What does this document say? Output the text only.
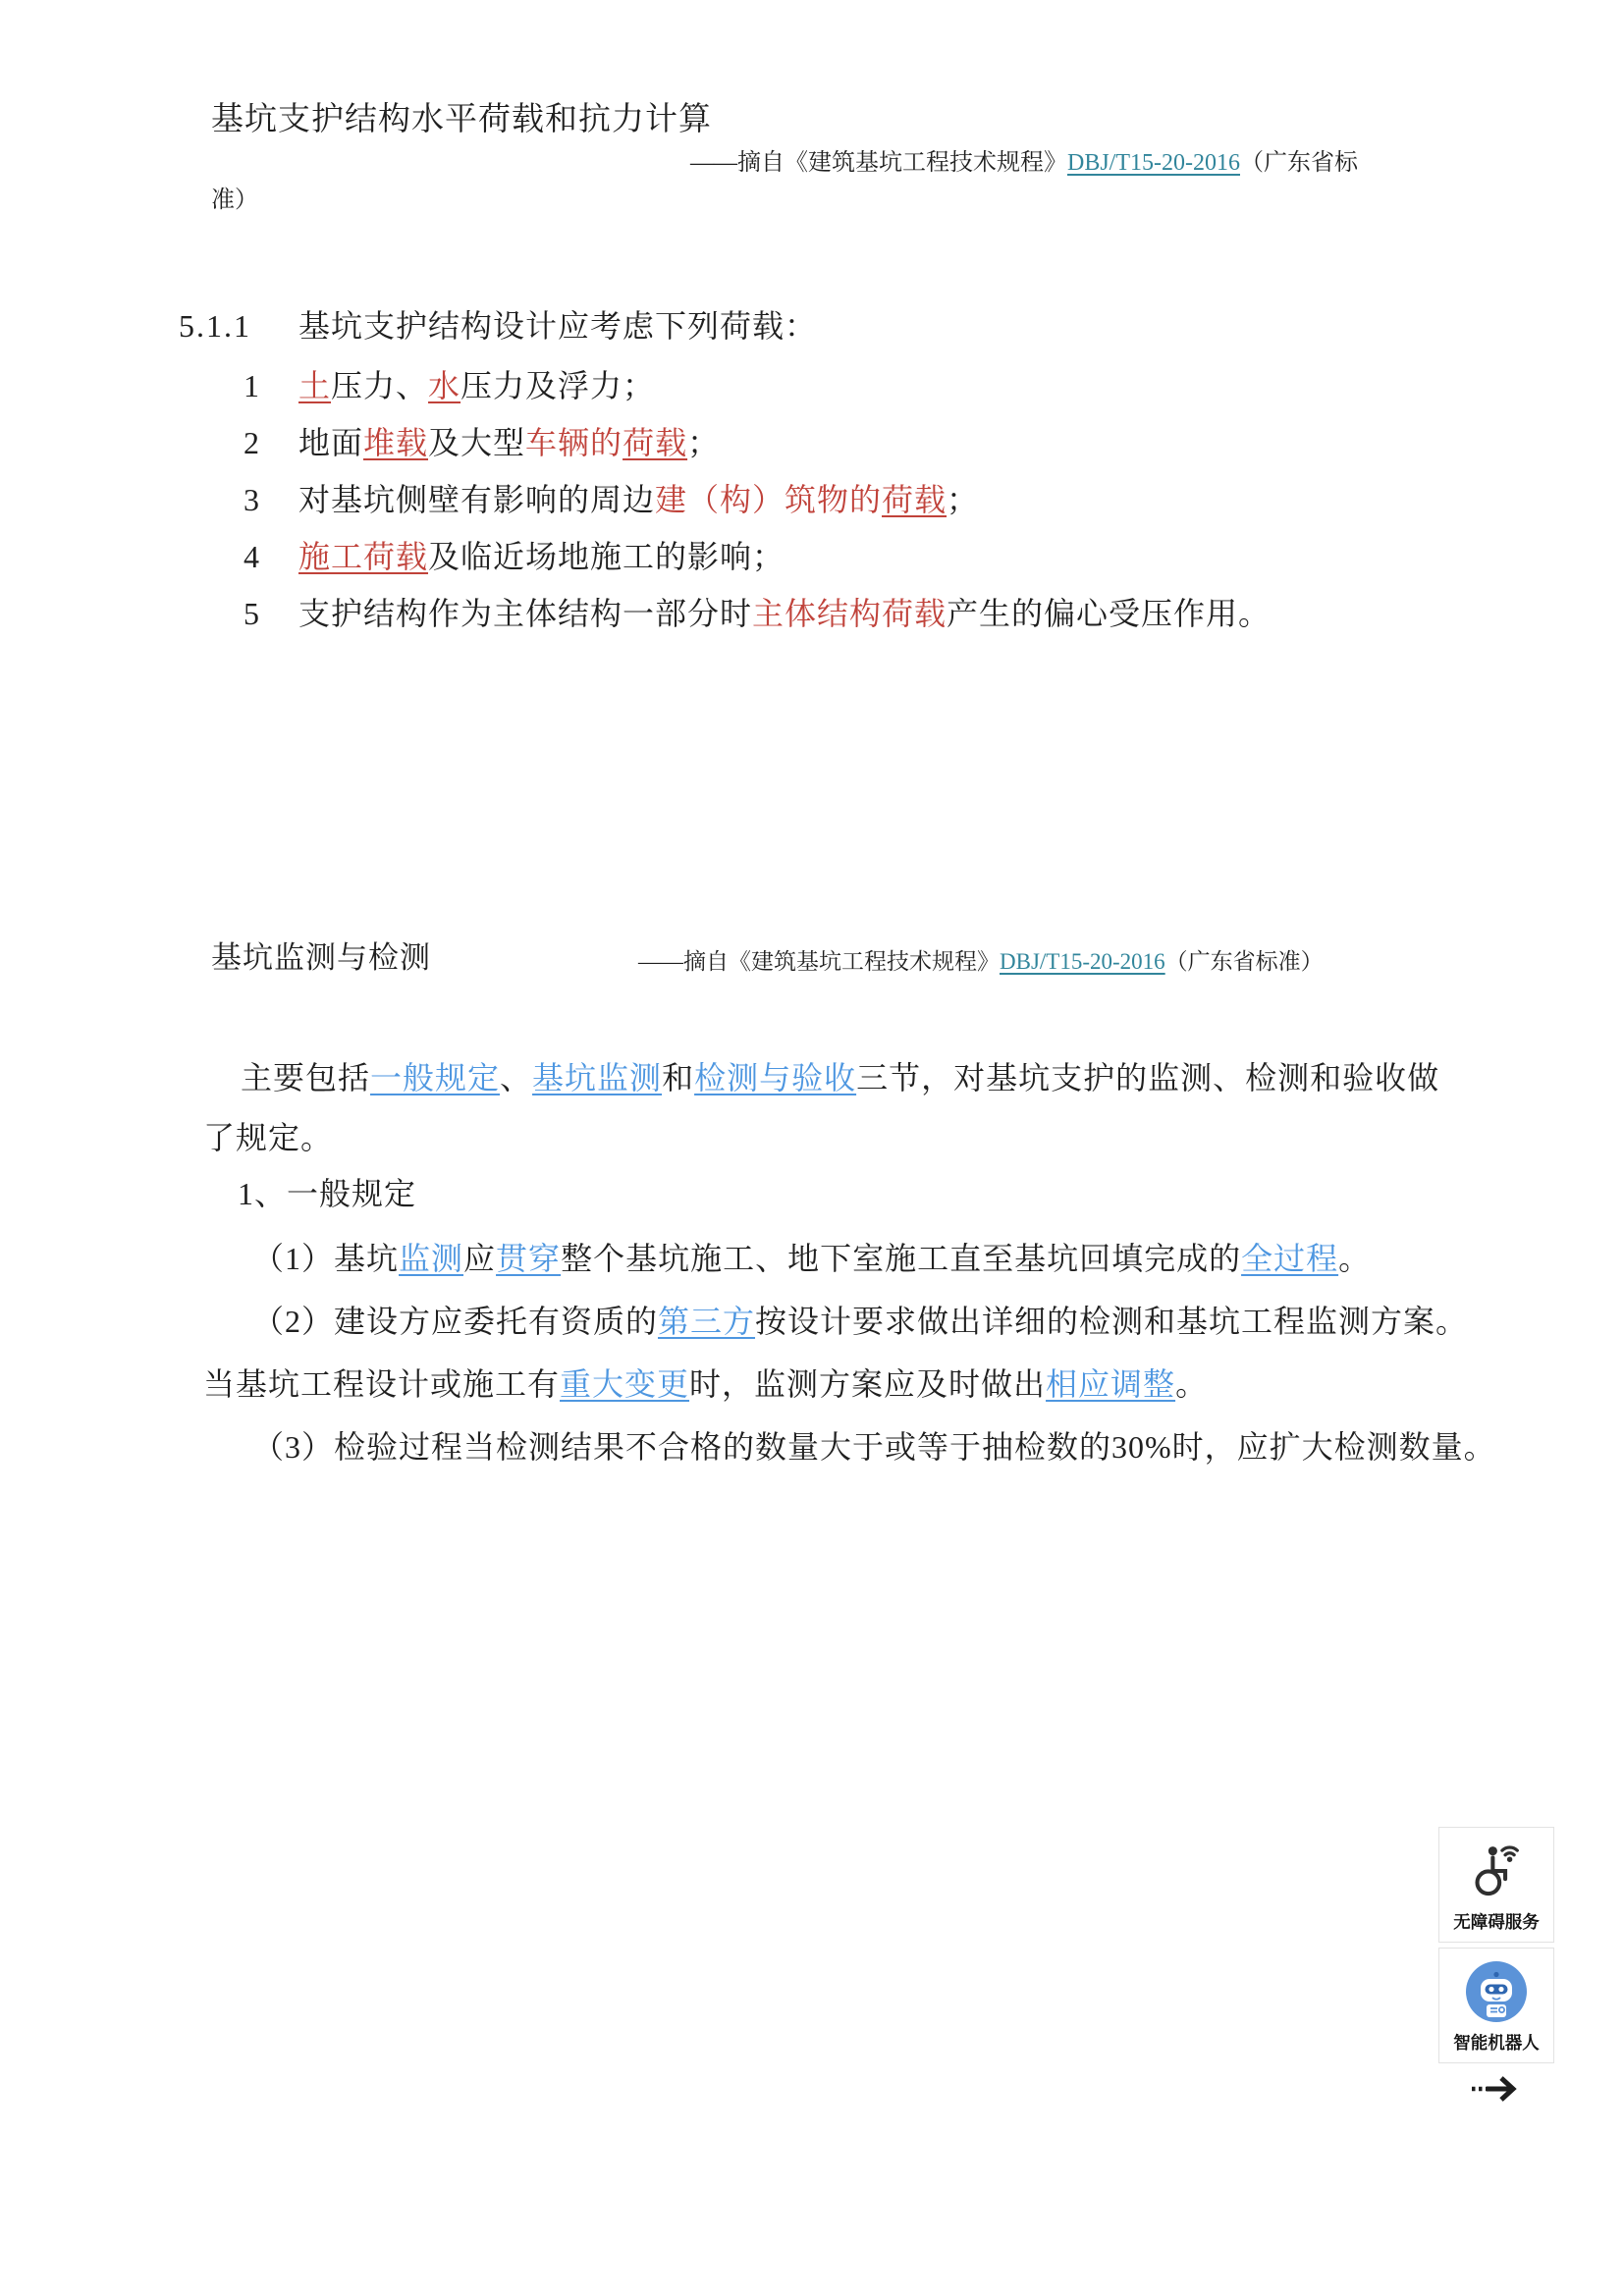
基坑支护结构水平荷载和抗力计算
——摘自《建筑基坑工程技术规程》DBJ/T15-20-2016（广东省标
准）
5.1.1 基坑支护结构设计应考虑下列荷载：
1 土压力、水压力及浮力；
2 地面堆载及大型车辆的荷载；
3 对基坑侧壁有影响的周边建（构）筑物的荷载；
4 施工荷载及临近场地施工的影响；
5 支护结构作为主体结构一部分时主体结构荷载产生的偏心受压作用。
基坑监测与检测	——摘自《建筑基坑工程技术规程》DBJ/T15-20-2016（广东省标准）
主要包括一般规定、基坑监测和检测与验收三节，对基坑支护的监测、检测和验收做
了规定。
1、一般规定
（1）基坑监测应贯穿整个基坑施工、地下室施工直至基坑回填完成的全过程。
（2）建设方应委托有资质的第三方按设计要求做出详细的检测和基坑工程监测方案。
当基坑工程设计或施工有重大变更时，监测方案应及时做出相应调整。
（3）检验过程当检测结果不合格的数量大于或等于抽检数的30%时，应扩大检测数量。
无障碍服务
智能机器人
